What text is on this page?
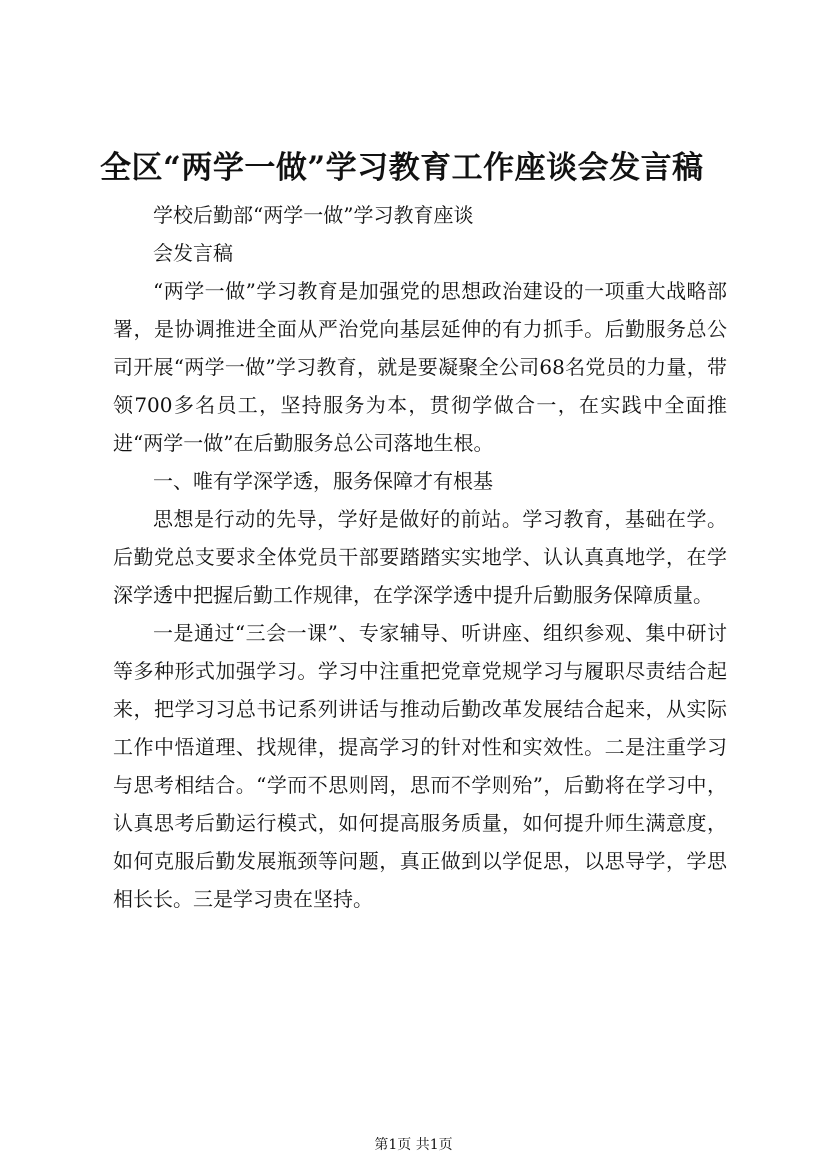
全区“两学一做”学习教育工作座谈会发言稿

学校后勤部“两学一做”学习教育座谈

会发言稿

“两学一做”学习教育是加强党的思想政治建设的一项重大战略部署，是协调推进全面从严治党向基层延伸的有力抓手。后勤服务总公司开展“两学一做”学习教育，就是要凝聚全公司68名党员的力量，带领700多名员工，坚持服务为本，贯彻学做合一，在实践中全面推进“两学一做”在后勤服务总公司落地生根。

一、唯有学深学透，服务保障才有根基

思想是行动的先导，学好是做好的前站。学习教育，基础在学。后勤党总支要求全体党员干部要踏踏实实地学、认认真真地学，在学深学透中把握后勤工作规律，在学深学透中提升后勤服务保障质量。

一是通过“三会一课”、专家辅导、听讲座、组织参观、集中研讨等多种形式加强学习。学习中注重把党章党规学习与履职尽责结合起来，把学习习总书记系列讲话与推动后勤改革发展结合起来，从实际工作中悟道理、找规律，提高学习的针对性和实效性。二是注重学习与思考相结合。“学而不思则罔，思而不学则殆”，后勤将在学习中，认真思考后勤运行模式，如何提高服务质量，如何提升师生满意度，如何克服后勤发展瓶颈等问题，真正做到以学促思，以思导学，学思相长长。三是学习贵在坚持。

第1页 共1页
